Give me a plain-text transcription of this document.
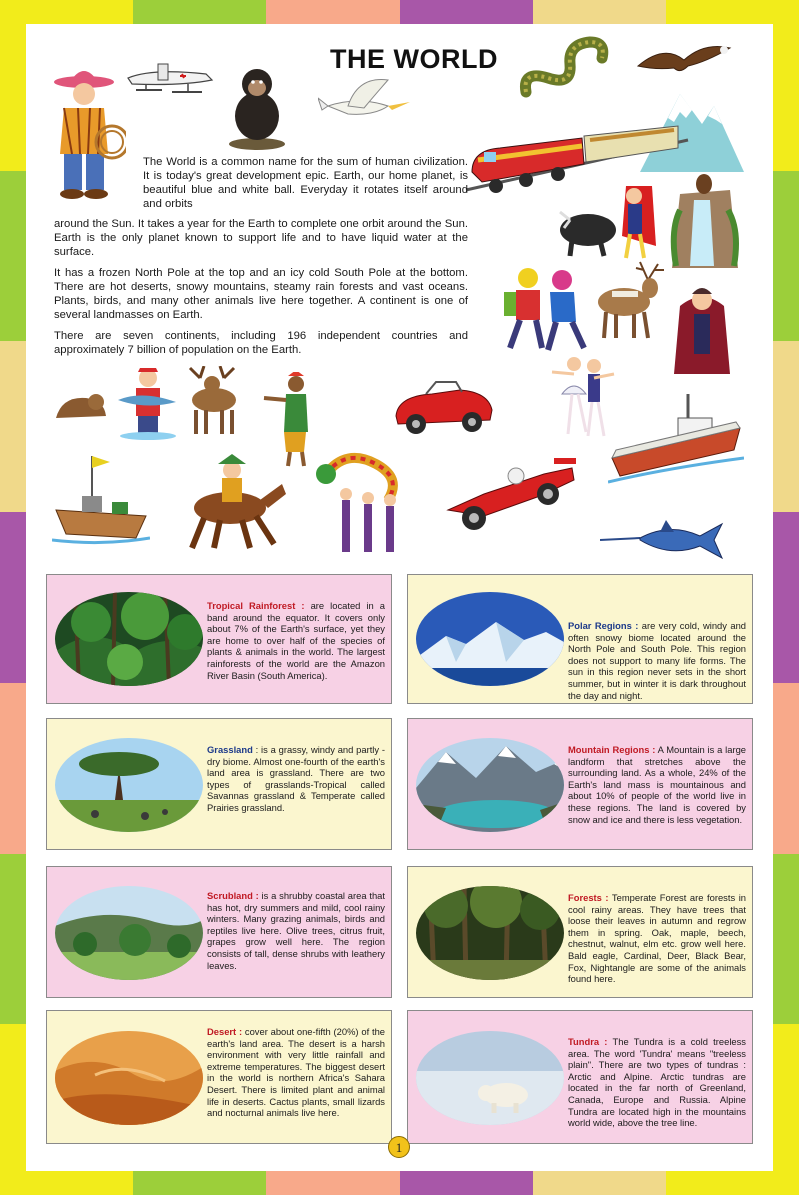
THE WORLD
The World is a common name for the sum of human civilization. It is today's great development epic. Earth, our home planet, is beautiful blue and white ball. Everyday it rotates itself around and orbits

around the Sun. It takes a year for the Earth to complete one orbit around the Sun. Earth is the only planet known to support life and to have liquid water at the surface.

It has a frozen North Pole at the top and an icy cold South Pole at the bottom. There are hot deserts, snowy mountains, steamy rain forests and vast oceans. Plants, birds, and many other animals live here together. A continent is one of several landmasses on Earth.

There are seven continents, including 196 independent countries and approximately 7 billion of population on the Earth.

Tropical Rainforest : are located in a band around the equator. It covers only about 7% of the Earth's surface, yet they are home to over half of the species of plants & animals in the world. The largest rainforests of the world are the Amazon River Basin (South America).
Polar Regions : are very cold, windy and often snowy biome located around the North Pole and South Pole. This region does not support to many life forms. The sun in this region never sets in the short summer, but in winter it is dark throughout the day and night.
Grassland : is a grassy, windy and partly - dry biome. Almost one-fourth of the earth's land area is grassland. There are two types of grasslands-Tropical called Savannas grassland & Temperate called Prairies grassland.
Mountain Regions : A Mountain is a large landform that stretches above the surrounding land. As a whole, 24% of the Earth's land mass is mountainous and about 10% of people of the world live in these regions. The land is covered by snow and ice and there is less vegetation.
Scrubland : is a shrubby coastal area that has hot, dry summers and mild, cool rainy winters. Many grazing animals, birds and reptiles live here. Olive trees, citrus fruit, grapes grow well here. The region consists of tall, dense shrubs with leathery leaves.
Forests : Temperate Forest are forests in cool rainy areas. They have trees that loose their leaves in autumn and regrow them in spring. Oak, maple, beech, chestnut, walnut, elm etc. grow well here. Bald eagle, Cardinal, Deer, Black Bear, Fox, Nightangle are some of the animals found here.
Desert : cover about one-fifth (20%) of the earth's land area. The desert is a harsh environment with very little rainfall and extreme temperatures. The biggest desert in the world is northern Africa's Sahara Desert. There is limited plant and animal life in deserts. Cactus plants, small lizards and nocturnal animals live here.
Tundra : The Tundra is a cold treeless area. The word 'Tundra' means "treeless plain". There are two types of tundras : Arctic and Alpine. Arctic tundras are located in the far north of Greenland, Canada, Europe and Russia. Alpine Tundra are located high in the mountains world wide, above the tree line.
1
